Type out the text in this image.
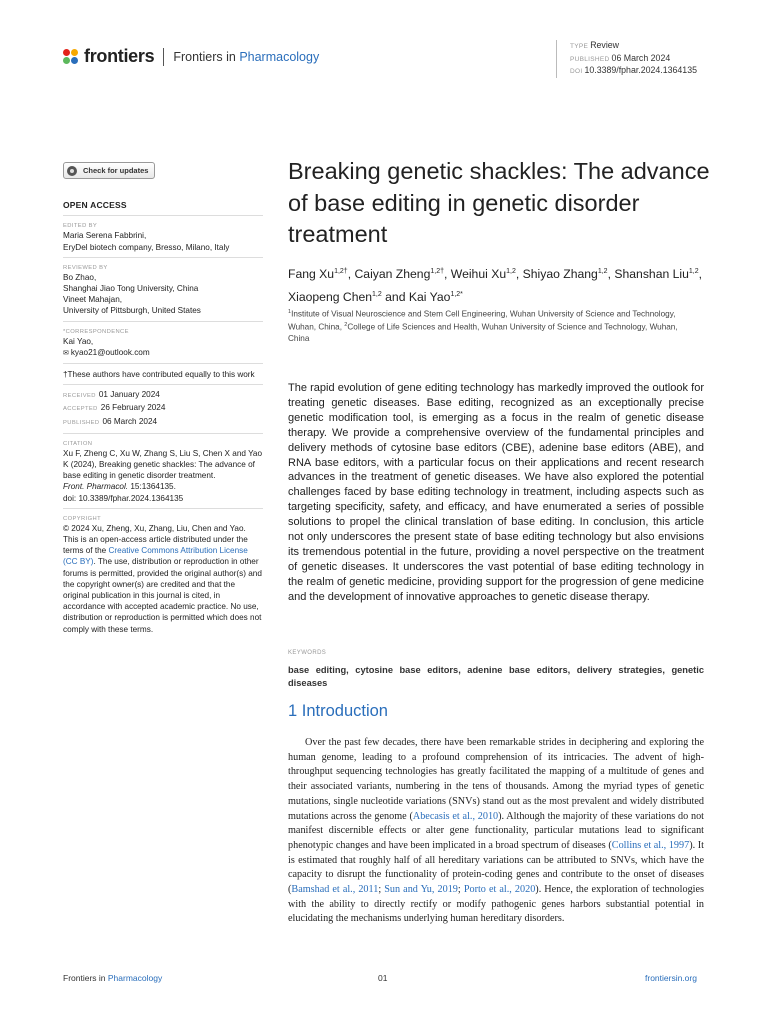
frontiers Frontiers in Pharmacology
TYPE Review
PUBLISHED 06 March 2024
DOI 10.3389/fphar.2024.1364135
Check for updates
OPEN ACCESS
EDITED BY
Maria Serena Fabbrini,
EryDel biotech company, Bresso, Milano, Italy
REVIEWED BY
Bo Zhao,
Shanghai Jiao Tong University, China
Vineet Mahajan,
University of Pittsburgh, United States
*CORRESPONDENCE
Kai Yao,
✉ kyao21@outlook.com
†These authors have contributed equally to this work
RECEIVED 01 January 2024
ACCEPTED 26 February 2024
PUBLISHED 06 March 2024
CITATION
Xu F, Zheng C, Xu W, Zhang S, Liu S, Chen X and Yao K (2024), Breaking genetic shackles: The advance of base editing in genetic disorder treatment.
Front. Pharmacol. 15:1364135.
doi: 10.3389/fphar.2024.1364135
COPYRIGHT
© 2024 Xu, Zheng, Xu, Zhang, Liu, Chen and Yao. This is an open-access article distributed under the terms of the Creative Commons Attribution License (CC BY). The use, distribution or reproduction in other forums is permitted, provided the original author(s) and the copyright owner(s) are credited and that the original publication in this journal is cited, in accordance with accepted academic practice. No use, distribution or reproduction is permitted which does not comply with these terms.
Breaking genetic shackles: The advance of base editing in genetic disorder treatment
Fang $Xu^{1,2\dagger}$, Caiyan Zheng$^{1,2\dagger}$, Weihui Xu$^{1,2}$, Shiyao Zhang$^{1,2}$, Shanshan Liu$^{1,2}$, Xiaopeng Chen$^{1,2}$ and Kai Yao$^{1,2*}$
$^1$Institute of Visual Neuroscience and Stem Cell Engineering, Wuhan University of Science and Technology, Wuhan, China, $^2$College of Life Sciences and Health, Wuhan University of Science and Technology, Wuhan, China
The rapid evolution of gene editing technology has markedly improved the outlook for treating genetic diseases. Base editing, recognized as an exceptionally precise genetic modification tool, is emerging as a focus in the realm of genetic disease therapy. We provide a comprehensive overview of the fundamental principles and delivery methods of cytosine base editors (CBE), adenine base editors (ABE), and RNA base editors, with a particular focus on their applications and recent research advances in the treatment of genetic diseases. We have also explored the potential challenges faced by base editing technology in treatment, including aspects such as targeting specificity, safety, and efficacy, and have enumerated a series of possible solutions to propel the clinical translation of base editing. In conclusion, this article not only underscores the present state of base editing technology but also envisions its tremendous potential in the future, providing a novel perspective on the treatment of genetic diseases. It underscores the vast potential of base editing technology in the realm of genetic medicine, providing support for the progression of gene medicine and the development of innovative approaches to genetic disease therapy.
KEYWORDS
base editing, cytosine base editors, adenine base editors, delivery strategies, genetic diseases
1 Introduction

Over the past few decades, there have been remarkable strides in deciphering and exploring the human genome, leading to a profound comprehension of its intricacies. The advent of high-throughput sequencing technologies has greatly facilitated the mapping of a multitude of genes and their associated variants, numbering in the tens of thousands. Among the myriad types of genetic mutations, single nucleotide variations (SNVs) stand out as the most prevalent and widely distributed mutations across the genome (Abecasis et al., 2010). Although the majority of these variations do not manifest discernible effects or alter gene functionality, particular mutations lead to significant phenotypic changes and have been implicated in a broad spectrum of diseases (Collins et al., 1997). It is estimated that roughly half of all hereditary variations can be attributed to SNVs, which have the capacity to disrupt the functionality of protein-coding genes and contribute to the onset of diseases (Bamshad et al., 2011; Sun and Yu, 2019; Porto et al., 2020). Hence, the exploration of technologies with the ability to directly rectify or modify pathogenic genes harbors substantial potential in elucidating the mechanisms underlying human hereditary disorders.

Frontiers in Pharmacology	01	frontiersin.org
